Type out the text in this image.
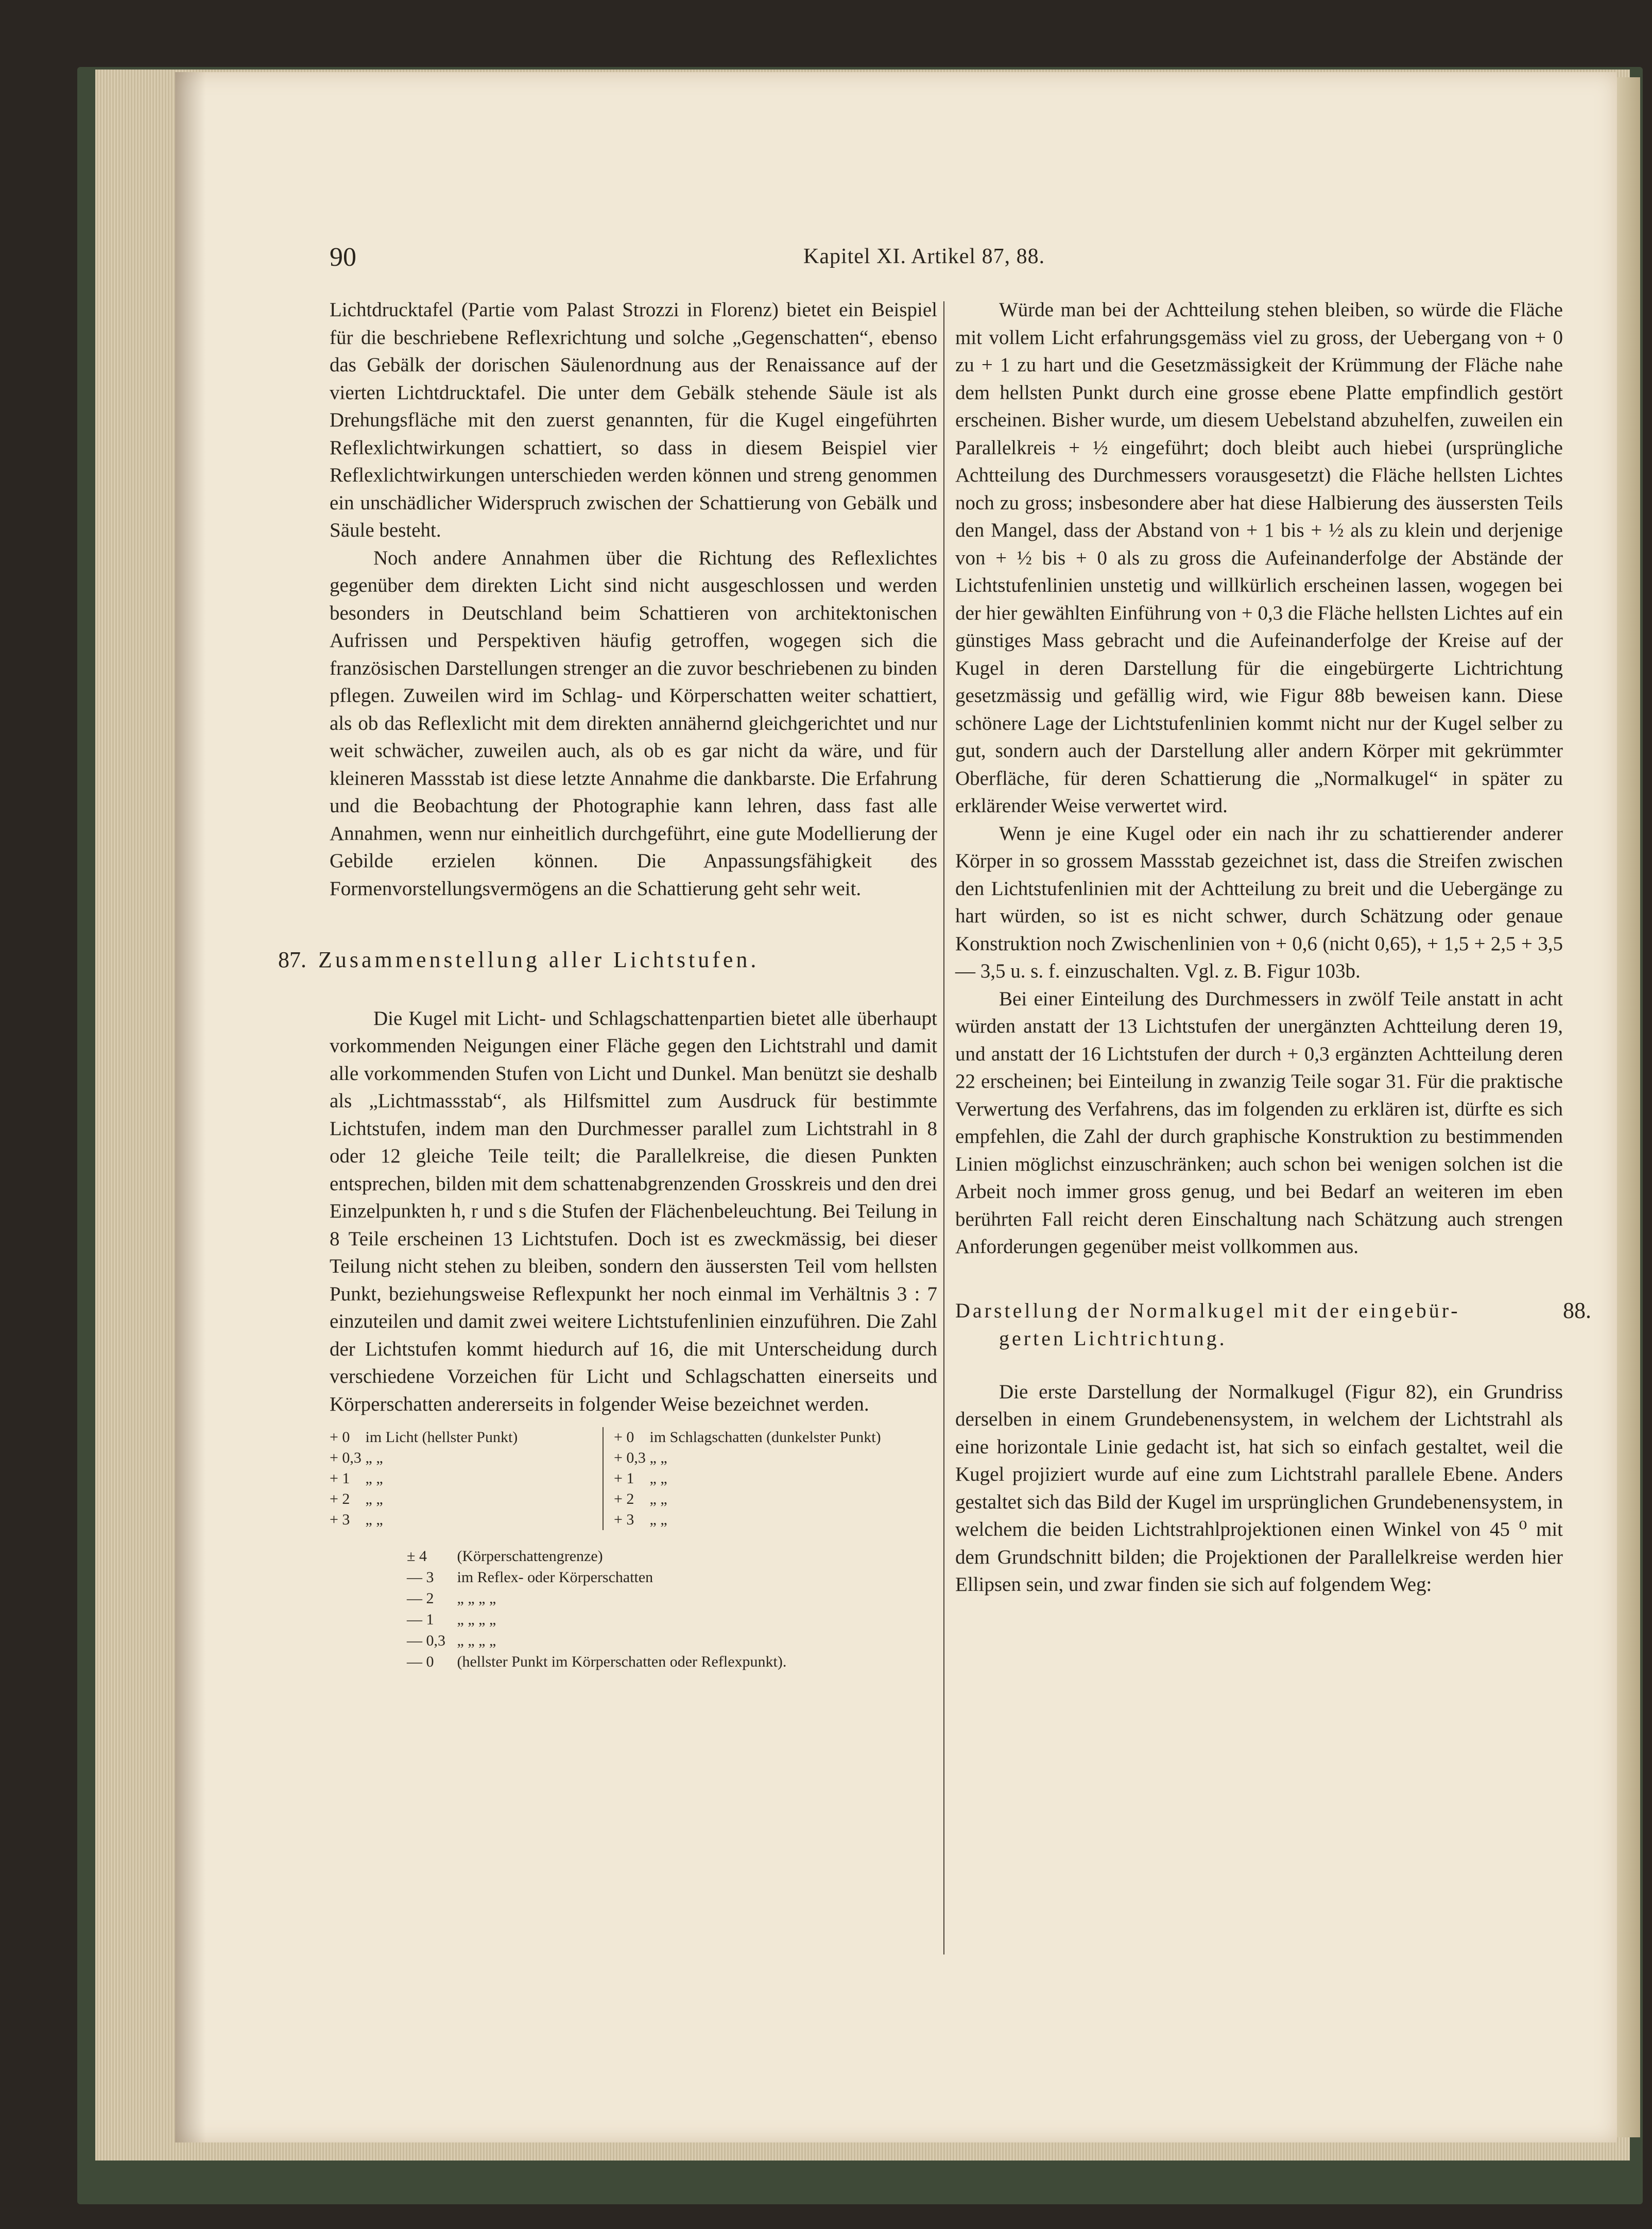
90	Kapitel XI. Artikel 87, 88.

Lichtdrucktafel (Partie vom Palast Strozzi in Florenz) bietet ein Beispiel für die beschriebene Reflexrichtung und solche „Gegenschatten“, ebenso das Gebälk der dorischen Säulenordnung aus der Renaissance auf der vierten Lichtdrucktafel. Die unter dem Gebälk stehende Säule ist als Drehungsfläche mit den zuerst genannten, für die Kugel eingeführten Reflexlichtwirkungen schattiert, so dass in diesem Beispiel vier Reflexlichtwirkungen unterschieden werden können und streng genommen ein unschädlicher Widerspruch zwischen der Schattierung von Gebälk und Säule besteht.

Noch andere Annahmen über die Richtung des Reflexlichtes gegenüber dem direkten Licht sind nicht ausgeschlossen und werden besonders in Deutschland beim Schattieren von architektonischen Aufrissen und Perspektiven häufig getroffen, wogegen sich die französischen Darstellungen strenger an die zuvor beschriebenen zu binden pflegen. Zuweilen wird im Schlag- und Körperschatten weiter schattiert, als ob das Reflexlicht mit dem direkten annähernd gleichgerichtet und nur weit schwächer, zuweilen auch, als ob es gar nicht da wäre, und für kleineren Massstab ist diese letzte Annahme die dankbarste. Die Erfahrung und die Beobachtung der Photographie kann lehren, dass fast alle Annahmen, wenn nur einheitlich durchgeführt, eine gute Modellierung der Gebilde erzielen können. Die Anpassungsfähigkeit des Formenvorstellungsvermögens an die Schattierung geht sehr weit.

87. Zusammenstellung aller Lichtstufen.

Die Kugel mit Licht- und Schlagschattenpartien bietet alle überhaupt vorkommenden Neigungen einer Fläche gegen den Lichtstrahl und damit alle vorkommenden Stufen von Licht und Dunkel. Man benützt sie deshalb als „Lichtmassstab“, als Hilfsmittel zum Ausdruck für bestimmte Lichtstufen, indem man den Durchmesser parallel zum Lichtstrahl in 8 oder 12 gleiche Teile teilt; die Parallelkreise, die diesen Punkten entsprechen, bilden mit dem schattenabgrenzenden Grosskreis und den drei Einzelpunkten h, r und s die Stufen der Flächenbeleuchtung. Bei Teilung in 8 Teile erscheinen 13 Lichtstufen. Doch ist es zweckmässig, bei dieser Teilung nicht stehen zu bleiben, sondern den äussersten Teil vom hellsten Punkt, beziehungsweise Reflexpunkt her noch einmal im Verhältnis 3 : 7 einzuteilen und damit zwei weitere Lichtstufenlinien einzuführen. Die Zahl der Lichtstufen kommt hiedurch auf 16, die mit Unterscheidung durch verschiedene Vorzeichen für Licht und Schlagschatten einerseits und Körperschatten andererseits in folgender Weise bezeichnet werden.

+ 0 im Licht (hellster Punkt)
+ 0,3 „ „
+ 1 „ „
+ 2 „ „
+ 3 „ „
+ 0 im Schlagschatten (dunkelster Punkt)
+ 0,3 „ „
+ 1 „ „
+ 2 „ „
+ 3 „ „
± 4 (Körperschattengrenze)
— 3 im Reflex- oder Körperschatten
— 2 „ „ „ „
— 1 „ „ „ „
— 0,3 „ „ „ „
— 0 (hellster Punkt im Körperschatten oder Reflexpunkt).

Würde man bei der Achtteilung stehen bleiben, so würde die Fläche mit vollem Licht erfahrungsgemäss viel zu gross, der Uebergang von + 0 zu + 1 zu hart und die Gesetzmässigkeit der Krümmung der Fläche nahe dem hellsten Punkt durch eine grosse ebene Platte empfindlich gestört erscheinen. Bisher wurde, um diesem Uebelstand abzuhelfen, zuweilen ein Parallelkreis + ½ eingeführt; doch bleibt auch hiebei (ursprüngliche Achtteilung des Durchmessers vorausgesetzt) die Fläche hellsten Lichtes noch zu gross; insbesondere aber hat diese Halbierung des äussersten Teils den Mangel, dass der Abstand von + 1 bis + ½ als zu klein und derjenige von + ½ bis + 0 als zu gross die Aufeinanderfolge der Abstände der Lichtstufenlinien unstetig und willkürlich erscheinen lassen, wogegen bei der hier gewählten Einführung von + 0,3 die Fläche hellsten Lichtes auf ein günstiges Mass gebracht und die Aufeinanderfolge der Kreise auf der Kugel in deren Darstellung für die eingebürgerte Lichtrichtung gesetzmässig und gefällig wird, wie Figur 88b beweisen kann. Diese schönere Lage der Lichtstufenlinien kommt nicht nur der Kugel selber zu gut, sondern auch der Darstellung aller andern Körper mit gekrümmter Oberfläche, für deren Schattierung die „Normalkugel“ in später zu erklärender Weise verwertet wird.

Wenn je eine Kugel oder ein nach ihr zu schattierender anderer Körper in so grossem Massstab gezeichnet ist, dass die Streifen zwischen den Lichtstufenlinien mit der Achtteilung zu breit und die Uebergänge zu hart würden, so ist es nicht schwer, durch Schätzung oder genaue Konstruktion noch Zwischenlinien von + 0,6 (nicht 0,65), + 1,5 + 2,5 + 3,5 — 3,5 u. s. f. einzuschalten. Vgl. z. B. Figur 103b.

Bei einer Einteilung des Durchmessers in zwölf Teile anstatt in acht würden anstatt der 13 Lichtstufen der unergänzten Achtteilung deren 19, und anstatt der 16 Lichtstufen der durch + 0,3 ergänzten Achtteilung deren 22 erscheinen; bei Einteilung in zwanzig Teile sogar 31. Für die praktische Verwertung des Verfahrens, das im folgenden zu erklären ist, dürfte es sich empfehlen, die Zahl der durch graphische Konstruktion zu bestimmenden Linien möglichst einzuschränken; auch schon bei wenigen solchen ist die Arbeit noch immer gross genug, und bei Bedarf an weiteren im eben berührten Fall reicht deren Einschaltung nach Schätzung auch strengen Anforderungen gegenüber meist vollkommen aus.

Darstellung der Normalkugel mit der eingebür-
gerten Lichtrichtung.
88.

Die erste Darstellung der Normalkugel (Figur 82), ein Grundriss derselben in einem Grundebenensystem, in welchem der Lichtstrahl als eine horizontale Linie gedacht ist, hat sich so einfach gestaltet, weil die Kugel projiziert wurde auf eine zum Lichtstrahl parallele Ebene. Anders gestaltet sich das Bild der Kugel im ursprünglichen Grundebenensystem, in welchem die beiden Lichtstrahlprojektionen einen Winkel von 45 ⁰ mit dem Grundschnitt bilden; die Projektionen der Parallelkreise werden hier Ellipsen sein, und zwar finden sie sich auf folgendem Weg:
